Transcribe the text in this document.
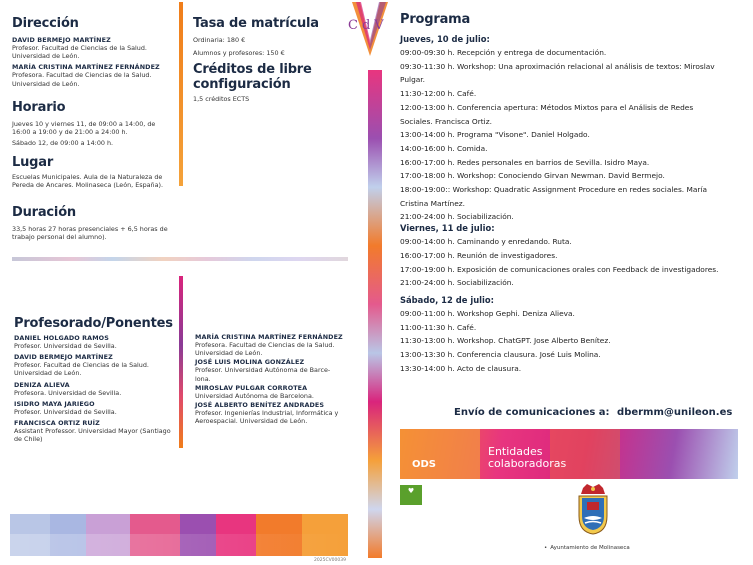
Dirección
DAVID BERMEJO MARTÍNEZ
Profesor. Facultad de Ciencias de la Salud. Universidad de León.
MARÍA CRISTINA MARTÍNEZ FERNÁNDEZ
Profesora. Facultad de Ciencias de la Salud. Universidad de León.
Horario
Jueves 10 y viernes 11, de 09:00 a 14:00, de 16:00 a 19:00 y de 21:00 a 24:00 h.
Sábado 12, de 09:00 a 14:00 h.
Lugar
Escuelas Municipales. Aula de la Naturaleza de Pereda de Ancares. Molinaseca (León, España).
Duración
33,5 horas 27 horas presenciales + 6,5 horas de trabajo personal del alumno).
Tasa de matrícula
Ordinaria: 180 €
Alumnos y profesores: 150 €
Créditos de libre configuración
1,5 créditos ECTS
Profesorado/Ponentes
DANIEL HOLGADO RAMOS
Profesor. Universidad de Sevilla.
DAVID BERMEJO MARTÍNEZ
Profesor. Facultad de Ciencias de la Salud. Universidad de León.
DENIZA ALIEVA
Profesora. Universidad de Sevilla.
ISIDRO MAYA JARIEGO
Profesor. Universidad de Sevilla.
FRANCISCA ORTIZ RUÍZ
Assistant Professor. Universidad Mayor (Santiago de Chile)
MARÍA CRISTINA MARTÍNEZ FERNÁNDEZ
Profesora. Facultad de Ciencias de la Salud. Universidad de León.
JOSÉ LUIS MOLINA GONZÁLEZ
Profesor. Universidad Autónoma de Barce-lona.
MIROSLAV PULGAR CORROTEA
Universidad Autónoma de Barcelona.
JOSÉ ALBERTO BENÍTEZ ANDRADES
Profesor. Ingenierías Industrial, Informática y Aeroespacial. Universidad de León.
2025CV00039
CdV Programa
Jueves, 10 de julio:
09:00-09:30 h. Recepción y entrega de documentación.
09:30-11:30 h. Workshop: Una aproximación relacional al análisis de textos: Miroslav
Pulgar.
11:30-12:00 h. Café.
12:00-13:00 h. Conferencia apertura: Métodos Mixtos para el Análisis de Redes
Sociales. Francisca Ortiz.
13:00-14:00 h. Programa "Visone". Daniel Holgado.
14:00-16:00 h. Comida.
16:00-17:00 h. Redes personales en barrios de Sevilla. Isidro Maya.
17:00-18:00 h. Workshop: Conociendo Girvan Newman. David Bermejo.
18:00-19:00:: Workshop: Quadratic Assignment Procedure en redes sociales. María
Cristina Martínez.
21:00-24:00 h. Sociabilización.
Viernes, 11 de julio:
09:00-14:00 h. Caminando y enredando. Ruta.
16:00-17:00 h. Reunión de investigadores.
17:00-19:00 h. Exposición de comunicaciones orales con Feedback de investigadores.
21:00-24:00 h. Sociabilización.
Sábado, 12 de julio:
09:00-11:00 h. Workshop Gephi. Deniza Alieva.
11:00-11:30 h. Café.
11:30-13:00 h. Workshop. ChatGPT. Jose Alberto Benítez.
13:00-13:30 h. Conferencia clausura. José Luis Molina.
13:30-14:00 h. Acto de clausura.
Envío de comunicaciones a: dbermm@unileon.es
ODS
Entidades
colaboradoras
♥
• Ayuntamiento de Molinaseca
